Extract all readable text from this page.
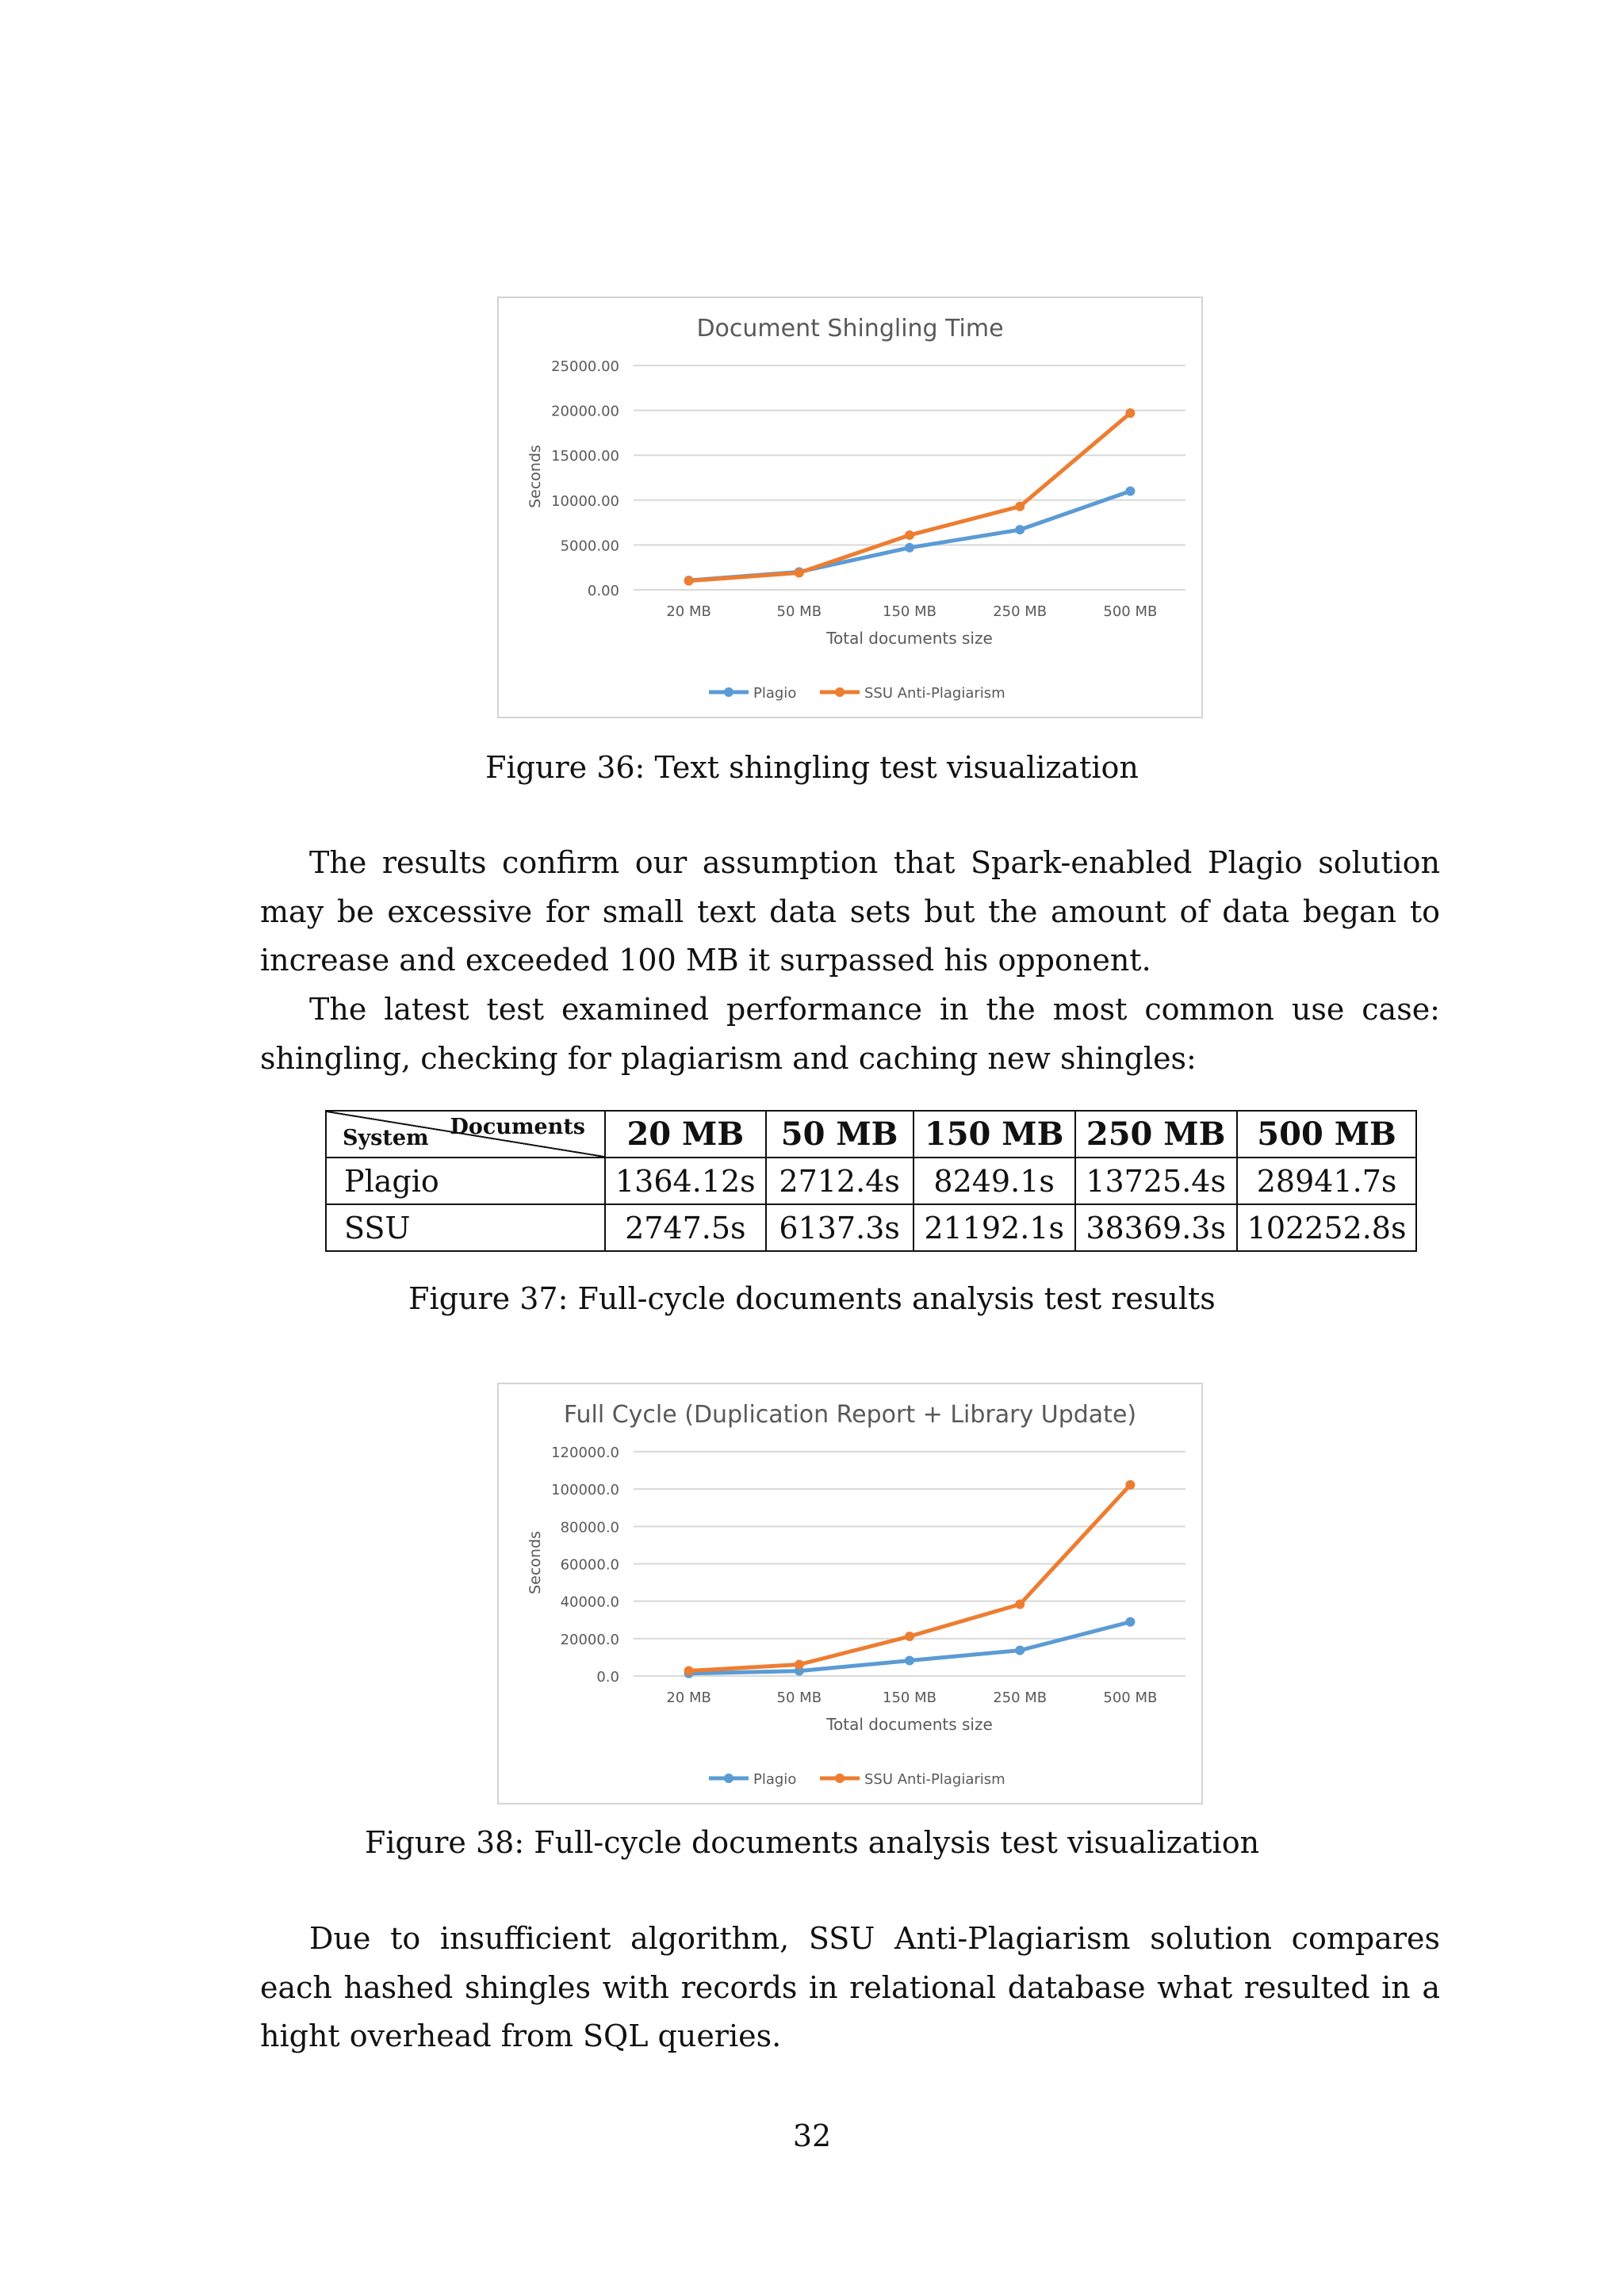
Document Shingling Time
Seconds
0.00
5000.00
10000.00
15000.00
20000.00
25000.00
20 MB	50 MB	150 MB	250 MB	500 MB
Total documents size
Plagio	SSU Anti-Plagiarism
Figure 36: Text shingling test visualization

The results confirm our assumption that Spark-enabled Plagio solution may be excessive for small text data sets but the amount of data began to increase and exceeded 100 MB it surpassed his opponent.

The latest test examined performance in the most common use case: shingling, checking for plagiarism and caching new shingles:

System Documents	20 MB	50 MB	150 MB	250 MB	500 MB
Plagio	1364.12s	2712.4s	8249.1s	13725.4s	28941.7s
SSU	2747.5s	6137.3s	21192.1s	38369.3s	102252.8s
Figure 37: Full-cycle documents analysis test results
Full Cycle (Duplication Report + Library Update)
Seconds
0.0
20000.0
40000.0
60000.0
80000.0
100000.0
120000.0
20 MB	50 MB	150 MB	250 MB	500 MB
Total documents size
Plagio	SSU Anti-Plagiarism
Figure 38: Full-cycle documents analysis test visualization

Due to insufficient algorithm, SSU Anti-Plagiarism solution compares each hashed shingles with records in relational database what resulted in a hight overhead from SQL queries.

32
